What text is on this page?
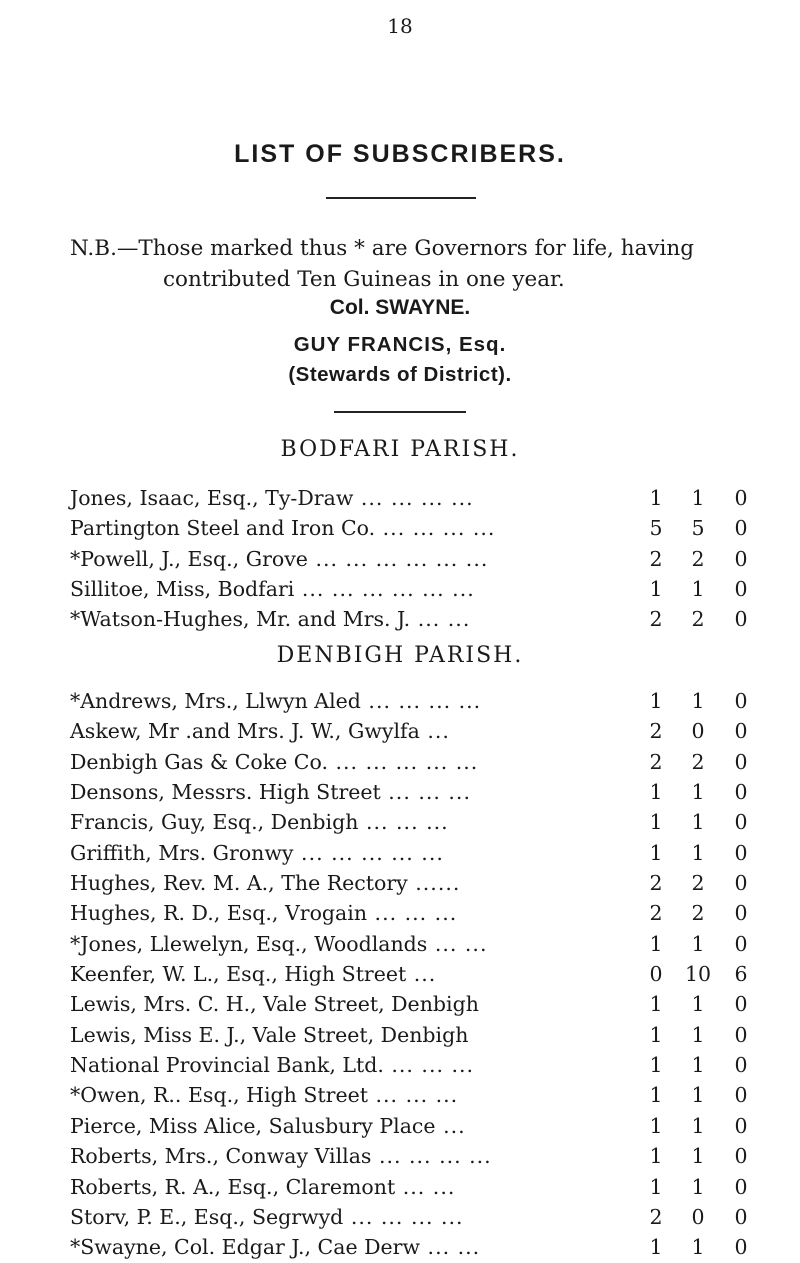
18
LIST OF SUBSCRIBERS.
N.B.—Those marked thus * are Governors for life, having
contributed Ten Guineas in one year.
Col. SWAYNE.
GUY FRANCIS, Esq.
(Stewards of District).
BODFARI PARISH.
Jones, Isaac, Esq., Ty-Draw ... ... ... ...	1	1	0
Partington Steel and Iron Co. ... ... ... ...	5	5	0
*Powell, J., Esq., Grove ... ... ... ... ... ...	2	2	0
Sillitoe, Miss, Bodfari ... ... ... ... ... ...	1	1	0
*Watson-Hughes, Mr. and Mrs. J. ... ...	2	2	0
DENBIGH PARISH.
*Andrews, Mrs., Llwyn Aled ... ... ... ...	1	1	0
Askew, Mr .and Mrs. J. W., Gwylfa ...	2	0	0
Denbigh Gas & Coke Co. ... ... ... ... ...	2	2	0
Densons, Messrs. High Street ... ... ...	1	1	0
Francis, Guy, Esq., Denbigh ... ... ...	1	1	0
Griffith, Mrs. Gronwy ... ... ... ... ...	1	1	0
Hughes, Rev. M. A., The Rectory ......	2	2	0
Hughes, R. D., Esq., Vrogain ... ... ...	2	2	0
*Jones, Llewelyn, Esq., Woodlands ... ...	1	1	0
Keenfer, W. L., Esq., High Street ...	0	10	6
Lewis, Mrs. C. H., Vale Street, Denbigh	1	1	0
Lewis, Miss E. J., Vale Street, Denbigh	1	1	0
National Provincial Bank, Ltd. ... ... ...	1	1	0
*Owen, R.. Esq., High Street ... ... ...	1	1	0
Pierce, Miss Alice, Salusbury Place ...	1	1	0
Roberts, Mrs., Conway Villas ... ... ... ...	1	1	0
Roberts, R. A., Esq., Claremont ... ...	1	1	0
Storv, P. E., Esq., Segrwyd ... ... ... ...	2	0	0
*Swayne, Col. Edgar J., Cae Derw ... ...	1	1	0
